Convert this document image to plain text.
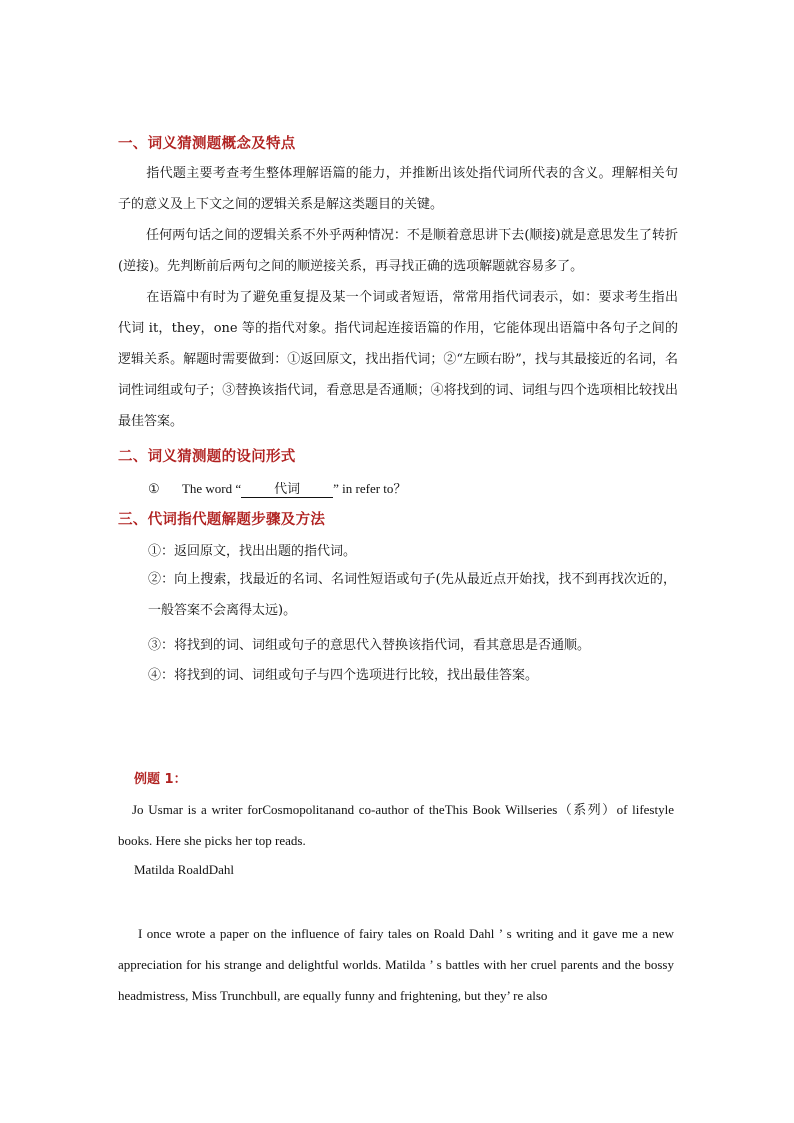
一、词义猜测题概念及特点
指代题主要考查考生整体理解语篇的能力，并推断出该处指代词所代表的含义。理解相关句子的意义及上下文之间的逻辑关系是解这类题目的关键。
任何两句话之间的逻辑关系不外乎两种情况：不是顺着意思讲下去(顺接)就是意思发生了转折(逆接)。先判断前后两句之间的顺逆接关系，再寻找正确的选项解题就容易多了。
在语篇中有时为了避免重复提及某一个词或者短语，常常用指代词表示，如：要求考生指出代词 it，they，one 等的指代对象。指代词起连接语篇的作用，它能体现出语篇中各句子之间的逻辑关系。解题时需要做到：①返回原文，找出指代词；②“左顾右盼”，找与其最接近的名词，名词性词组或句子；③替换该指代词，看意思是否通顺；④将找到的词、词组与四个选项相比较找出最佳答案。
二、词义猜测题的设问形式
① The word “	代词	” in refer to？
三、代词指代题解题步骤及方法
①：返回原文，找出出题的指代词。
②：向上搜索，找最近的名词、名词性短语或句子(先从最近点开始找，找不到再找次近的，一般答案不会离得太远)。
③：将找到的词、词组或句子的意思代入替换该指代词，看其意思是否通顺。
④：将找到的词、词组或句子与四个选项进行比较，找出最佳答案。
例题 1：
Jo Usmar is a writer forCosmopolitanand co-author of theThis Book Willseries（系列）of lifestyle books. Here she picks her top reads.
Matilda RoaldDahl
I once wrote a paper on the influence of fairy tales on Roald Dahl ’ s writing and it gave me a new appreciation for his strange and delightful worlds. Matilda ’ s battles with her cruel parents and the bossy headmistress, Miss Trunchbull, are equally funny and frightening, but they’ re also
